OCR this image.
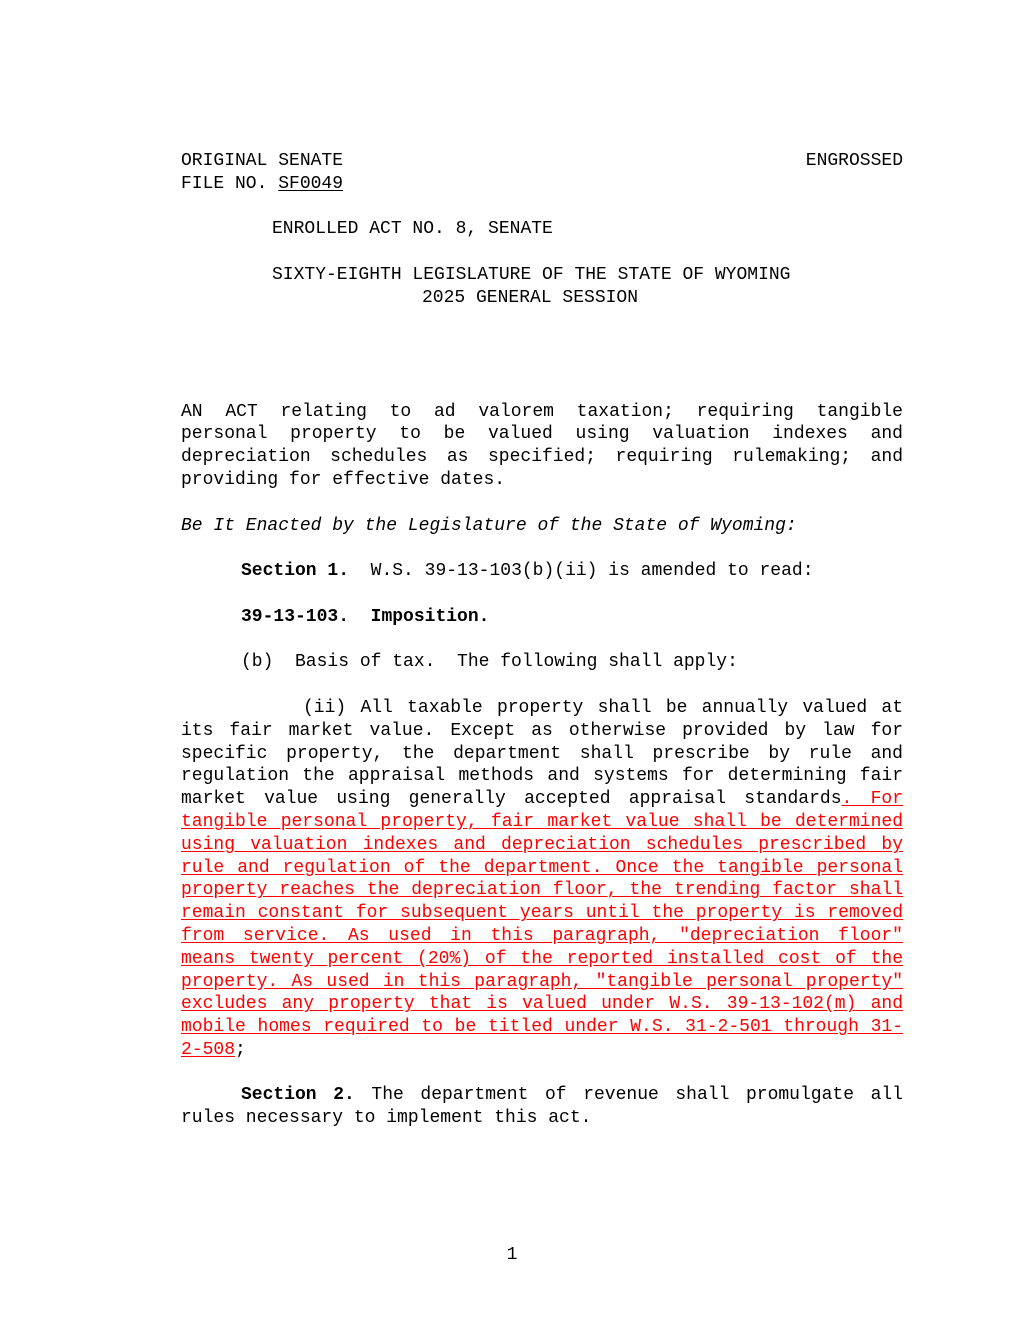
ORIGINAL SENATE	ENGROSSED
FILE NO. SF0049
ENROLLED ACT NO. 8, SENATE
SIXTY-EIGHTH LEGISLATURE OF THE STATE OF WYOMING
2025 GENERAL SESSION
AN ACT relating to ad valorem taxation; requiring tangible personal property to be valued using valuation indexes and depreciation schedules as specified; requiring rulemaking; and providing for effective dates.
Be It Enacted by the Legislature of the State of Wyoming:
Section 1. W.S. 39-13-103(b)(ii) is amended to read:
39-13-103. Imposition.
(b)  Basis of tax.  The following shall apply:
(ii) All taxable property shall be annually valued at its fair market value. Except as otherwise provided by law for specific property, the department shall prescribe by rule and regulation the appraisal methods and systems for determining fair market value using generally accepted appraisal standards. For tangible personal property, fair market value shall be determined using valuation indexes and depreciation schedules prescribed by rule and regulation of the department. Once the tangible personal property reaches the depreciation floor, the trending factor shall remain constant for subsequent years until the property is removed from service. As used in this paragraph, "depreciation floor" means twenty percent (20%) of the reported installed cost of the property. As used in this paragraph, "tangible personal property" excludes any property that is valued under W.S. 39-13-102(m) and mobile homes required to be titled under W.S. 31-2-501 through 31-2-508;
Section 2. The department of revenue shall promulgate all rules necessary to implement this act.
1
